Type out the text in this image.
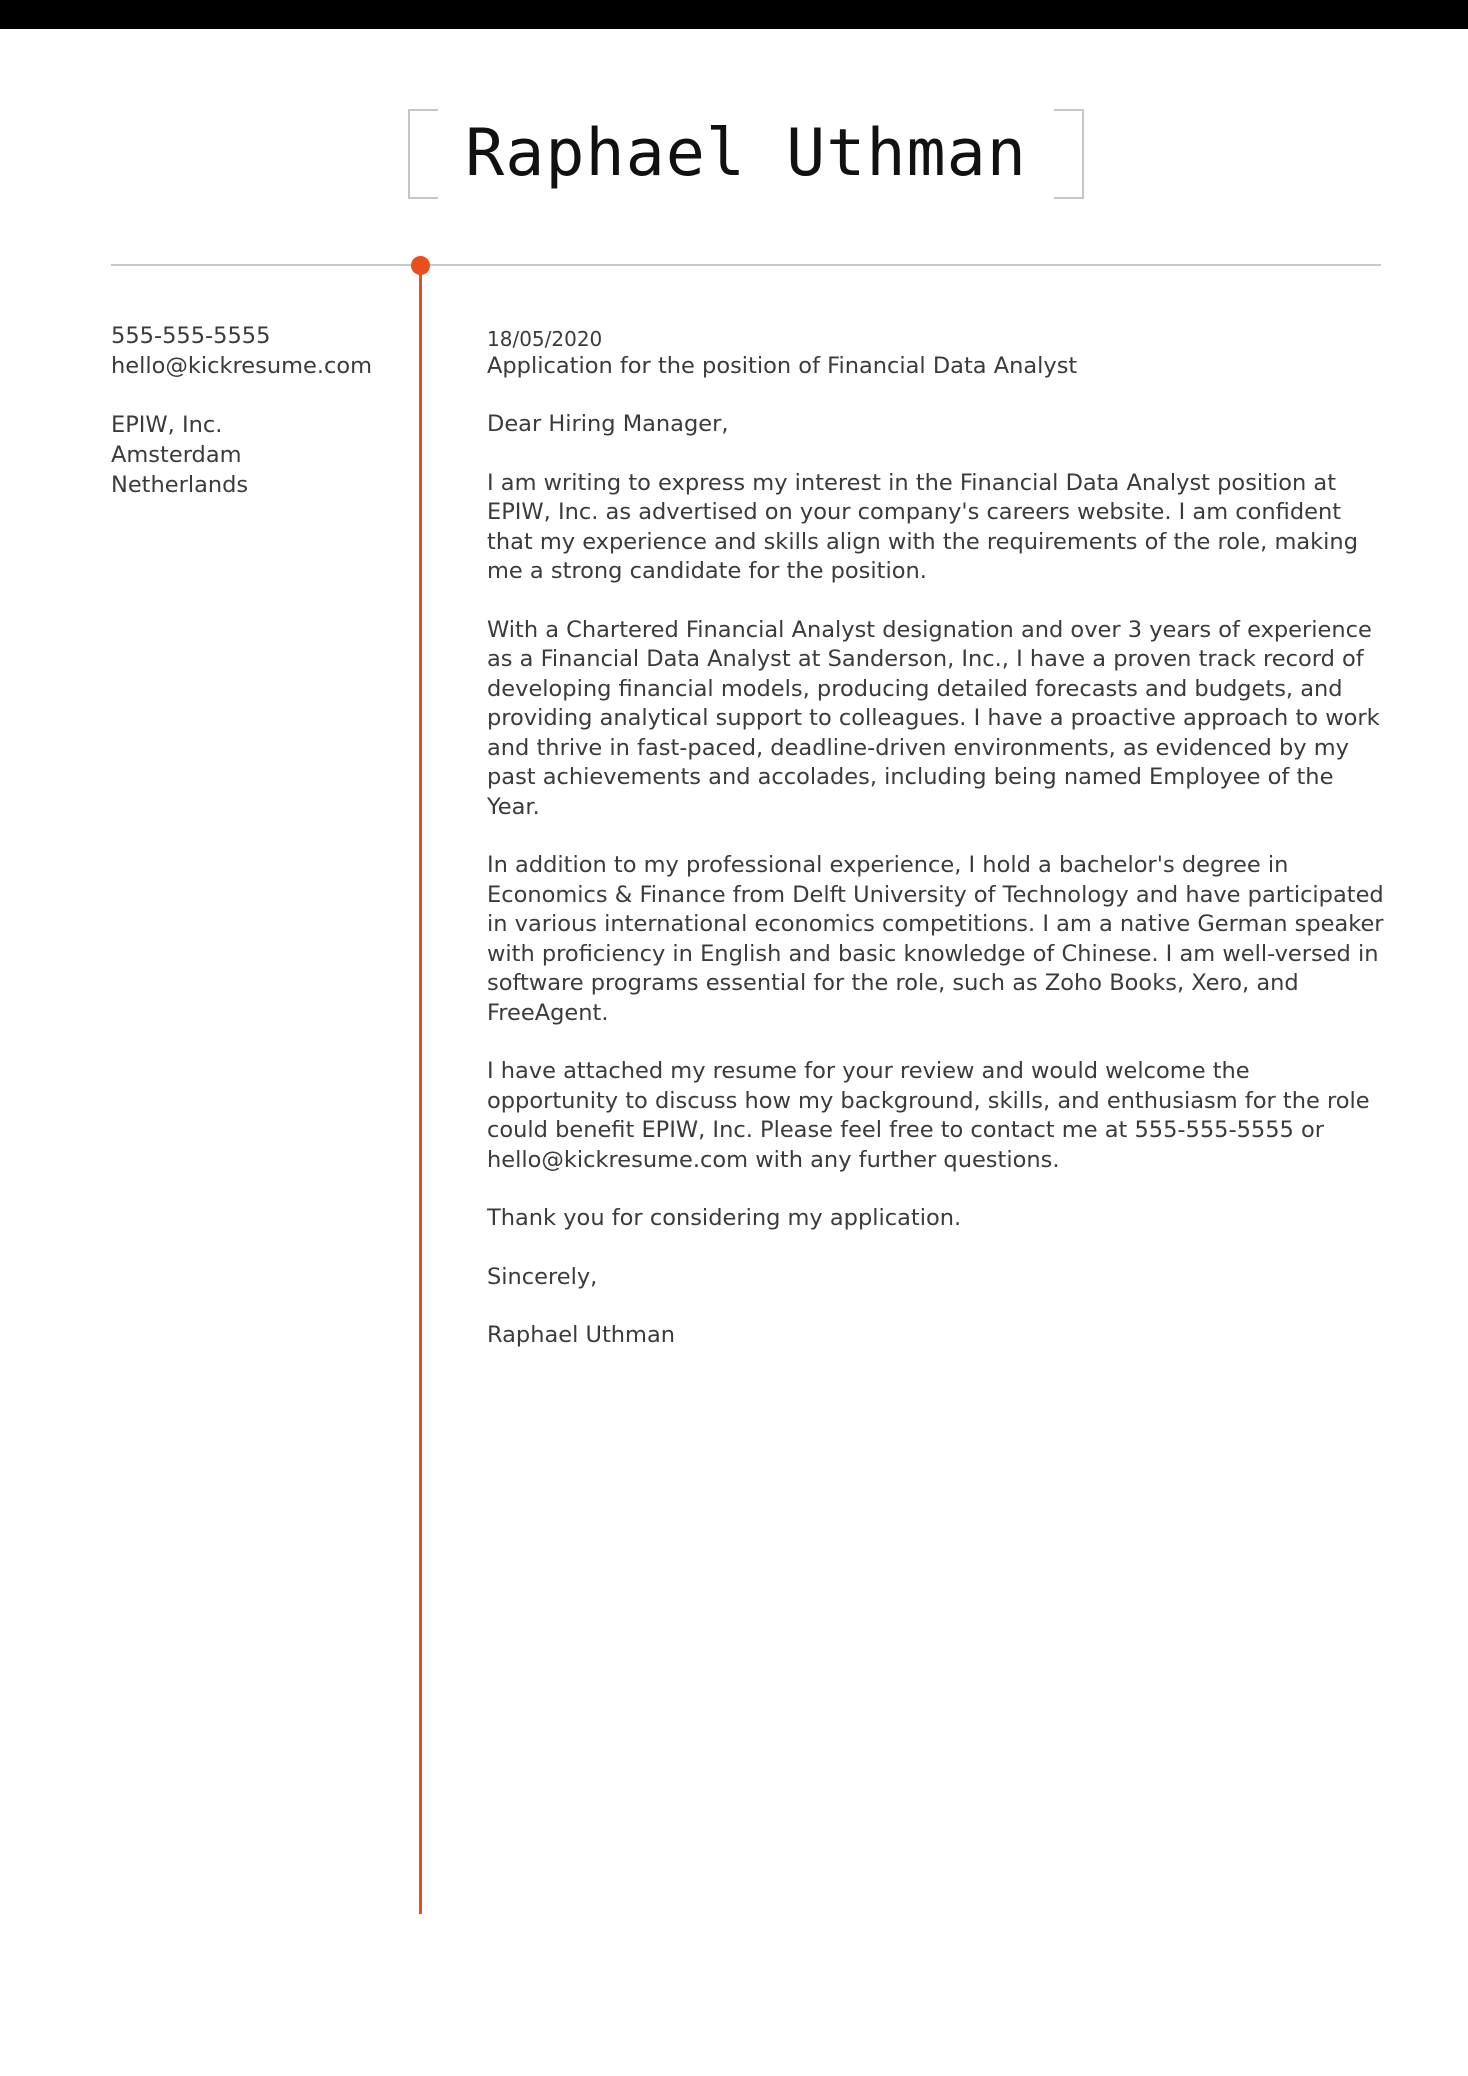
Raphael Uthman
555-555-5555
hello@kickresume.com
EPIW, Inc.
Amsterdam
Netherlands
18/05/2020
Application for the position of Financial Data Analyst
Dear Hiring Manager,

I am writing to express my interest in the Financial Data Analyst position at EPIW, Inc. as advertised on your company's careers website. I am confident that my experience and skills align with the requirements of the role, making me a strong candidate for the position.

With a Chartered Financial Analyst designation and over 3 years of experience as a Financial Data Analyst at Sanderson, Inc., I have a proven track record of developing financial models, producing detailed forecasts and budgets, and providing analytical support to colleagues. I have a proactive approach to work and thrive in fast-paced, deadline-driven environments, as evidenced by my past achievements and accolades, including being named Employee of the Year.

In addition to my professional experience, I hold a bachelor's degree in Economics & Finance from Delft University of Technology and have participated in various international economics competitions. I am a native German speaker with proficiency in English and basic knowledge of Chinese. I am well-versed in software programs essential for the role, such as Zoho Books, Xero, and FreeAgent.

I have attached my resume for your review and would welcome the opportunity to discuss how my background, skills, and enthusiasm for the role could benefit EPIW, Inc. Please feel free to contact me at 555-555-5555 or hello@kickresume.com with any further questions.

Thank you for considering my application.

Sincerely,
Raphael Uthman
